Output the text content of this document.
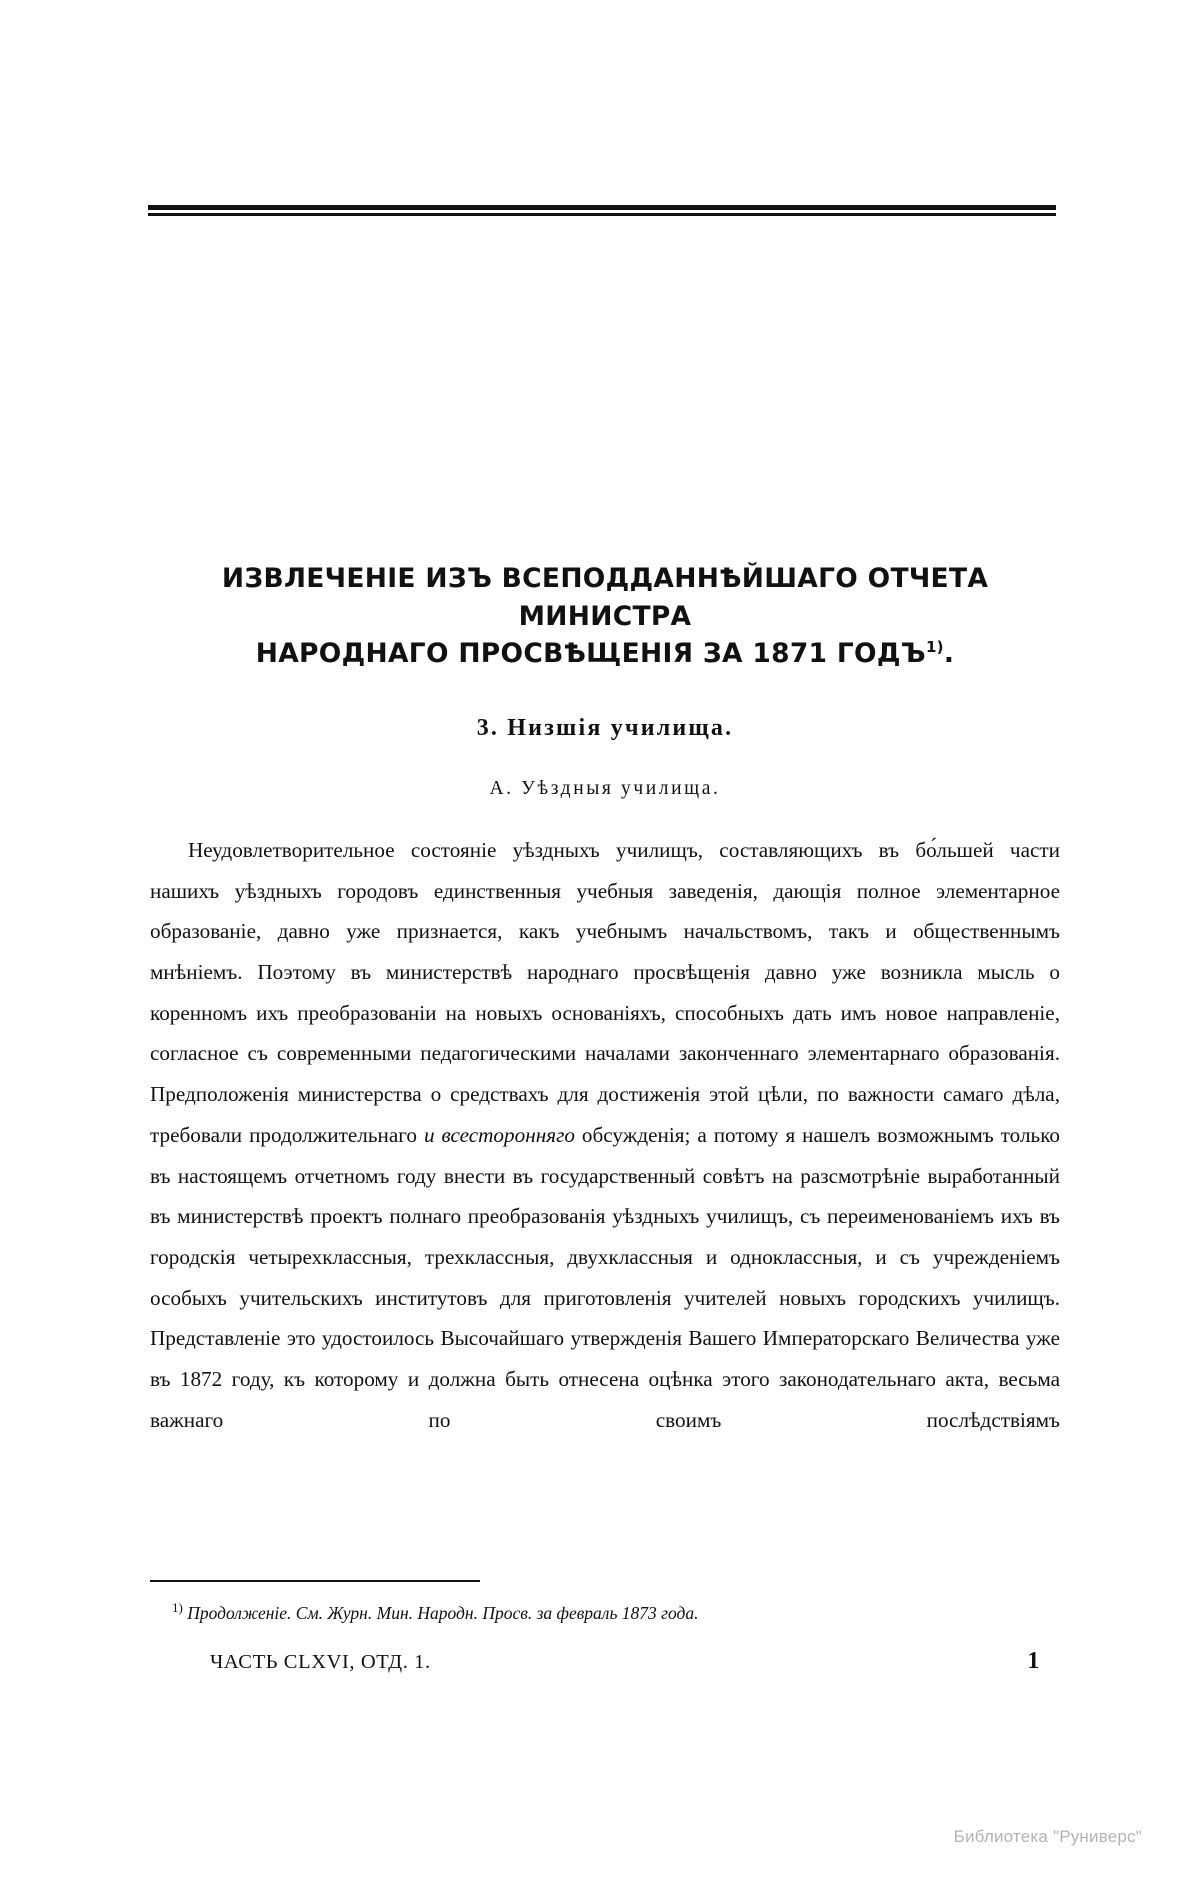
ИЗВЛЕЧЕНІЕ ИЗЪ ВСЕПОДДАННѢЙШАГО ОТЧЕТА МИНИСТРА
НАРОДНАГО ПРОСВѢЩЕНІЯ ЗА 1871 ГОДЪ$^{1)}$.
3. Низшія училища.
А. Уѣздныя училища.

Неудовлетворительное состояніе уѣздныхъ училищъ, составляющихъ въ бо́льшей части нашихъ уѣздныхъ городовъ единственныя учебныя заведенія, дающія полное элементарное образованіе, давно уже признается, какъ учебнымъ начальствомъ, такъ и общественнымъ мнѣніемъ. Поэтому въ министерствѣ народнаго просвѣщенія давно уже возникла мысль о коренномъ ихъ преобразованіи на новыхъ основаніяхъ, способныхъ дать имъ новое направленіе, согласное съ современными педагогическими началами законченнаго элементарнаго образованія. Предположенія министерства о средствахъ для достиженія этой цѣли, по важности самаго дѣла, требовали продолжительнаго и всесторонняго обсужденія; а потому я нашелъ возможнымъ только въ настоящемъ отчетномъ году внести въ государственный совѣтъ на разсмотрѣніе выработанный въ министерствѣ проектъ полнаго преобразованія уѣздныхъ училищъ, съ переименованіемъ ихъ въ городскія четырехклассныя, трехклассныя, двухклассныя и одноклассныя, и съ учрежденіемъ особыхъ учительскихъ институтовъ для приготовленія учителей новыхъ городскихъ училищъ. Представленіе это удостоилось Высочайшаго утвержденія Вашего Императорскаго Величества уже въ 1872 году, къ которому и должна быть отнесена оцѣнка этого законодательнаго акта, весьма важнаго по своимъ послѣдствіямъ

$^{1)}$ Продолженіе. См. Журн. Мин. Народн. Просв. за февраль 1873 года.
ЧАСТЬ CLXVI, ОТД. 1.	1
Библиотека "Руниверс"
